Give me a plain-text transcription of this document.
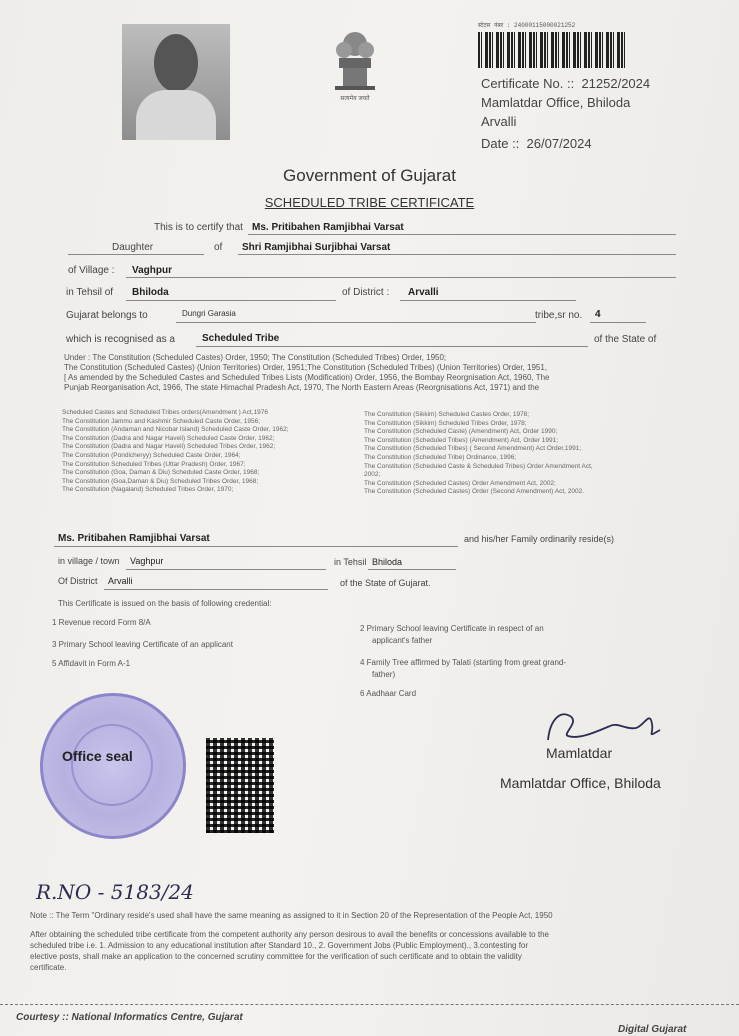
सत्यमेव जयते
स्टेटस नंबर : 24000115000021252
Certificate No. :: 21252/2024
Mamlatdar Office, Bhiloda
Arvalli
Date :: 26/07/2024
Government of Gujarat
SCHEDULED TRIBE CERTIFICATE
This is to certify that Ms. Pritibahen Ramjibhai Varsat
Daughter	of Shri Ramjibhai Surjibhai Varsat
of Village : Vaghpur
in Tehsil of Bhiloda	of District : Arvalli
Gujarat belongs to	Dungri Garasia	tribe,sr no. 4
which is recognised as a	Scheduled Tribe	of the State of
Under : The Constitution (Scheduled Castes) Order, 1950; The Constitution (Scheduled Tribes) Order, 1950;
The Constitution (Scheduled Castes) (Union Territories) Order, 1951;The Constitution (Scheduled Tribes) (Union Territories) Order, 1951,
[ As amended by the Scheduled Castes and Scheduled Tribes Lists (Modification) Order, 1956, the Bombay Reorgnisation Act, 1960, The
Punjab Reorganisation Act, 1966, The state Himachal Pradesh Act, 1970, The North Eastern Areas (Reorgnisations Act, 1971) and the
Scheduled Castes and Scheduled Tribes orders(Amendment ) Act,1976
The Constitution Jammu and Kashmir Scheduled Caste Order, 1956;
The Constitution (Andaman and Nicobar Island) Scheduled Caste Order, 1962;
The Constitution (Dadra and Nagar Haveli) Scheduled Caste Order, 1962;
The Constitution (Dadra and Nagar Haveli) Scheduled Tribes Order, 1962;
The Constitution (Pondicheryy) Scheduled Caste Order, 1964;
The Constitution Scheduled Tribes (Uttar Pradesh) Order, 1967;
The Constitution (Goa, Daman & Diu) Scheduled Caste Order, 1968;
The Constitution (Goa,Daman & Diu) Scheduled Tribes Order, 1968;
The Constitution (Nagaland) Scheduled Tribes Order, 1970;
The Constitution (Sikkim) Scheduled Castes Order, 1978;
The Constitution (Sikkim) Scheduled Tribes Order, 1978;
The Constitution (Scheduled Caste) (Amendment) Act, Order 1990;
The Constitution (Scheduled Tribes) (Amendment) Act, Order 1991;
The Constitution (Scheduled Tribes) ( Second Amendment) Act Order,1991;
The Constitution (Scheduled Tribe) Ordinance, 1996;
The Constitution (Scheduled Caste & Scheduled Tribes) Order Amendment Act,
2002;
The Constitution (Scheduled Castes) Order Amendment Act, 2002;
The Constitution (Scheduled Castes) Order (Second Amendment) Act, 2002.
Ms. Pritibahen Ramjibhai Varsat	and his/her Family ordinarily reside(s)
in village / town Vaghpur	in Tehsil Bhiloda
Of District Arvalli	of the State of Gujarat.
This Certificate is issued on the basis of following credential:
1 Revenue record Form 8/A
3 Primary School leaving Certificate of an applicant
5 Affidavit in Form A-1
2 Primary School leaving Certificate in respect of an
applicant's father
4 Family Tree affirmed by Talati (starting from great grand-
father)
6 Aadhaar Card
Office seal	Mamlatdar
Mamlatdar Office, Bhiloda
R.NO - 5183/24
Note :: The Term "Ordinary reside's used shall have the same meaning as assigned to it in Section 20 of the Representation of the People Act, 1950
After obtaining the scheduled tribe certificate from the competent authority any person desirous to avail the benefits or concessions available to the
scheduled tribe i.e. 1. Admission to any educational institution after Standard 10., 2. Government Jobs (Public Employment)., 3.contesting for
elective posts, shall make an application to the concerned scrutiny committee for the verification of such certificate and to obtain the validity
certificate.
Courtesy :: National Informatics Centre, Gujarat
Digital Gujarat
